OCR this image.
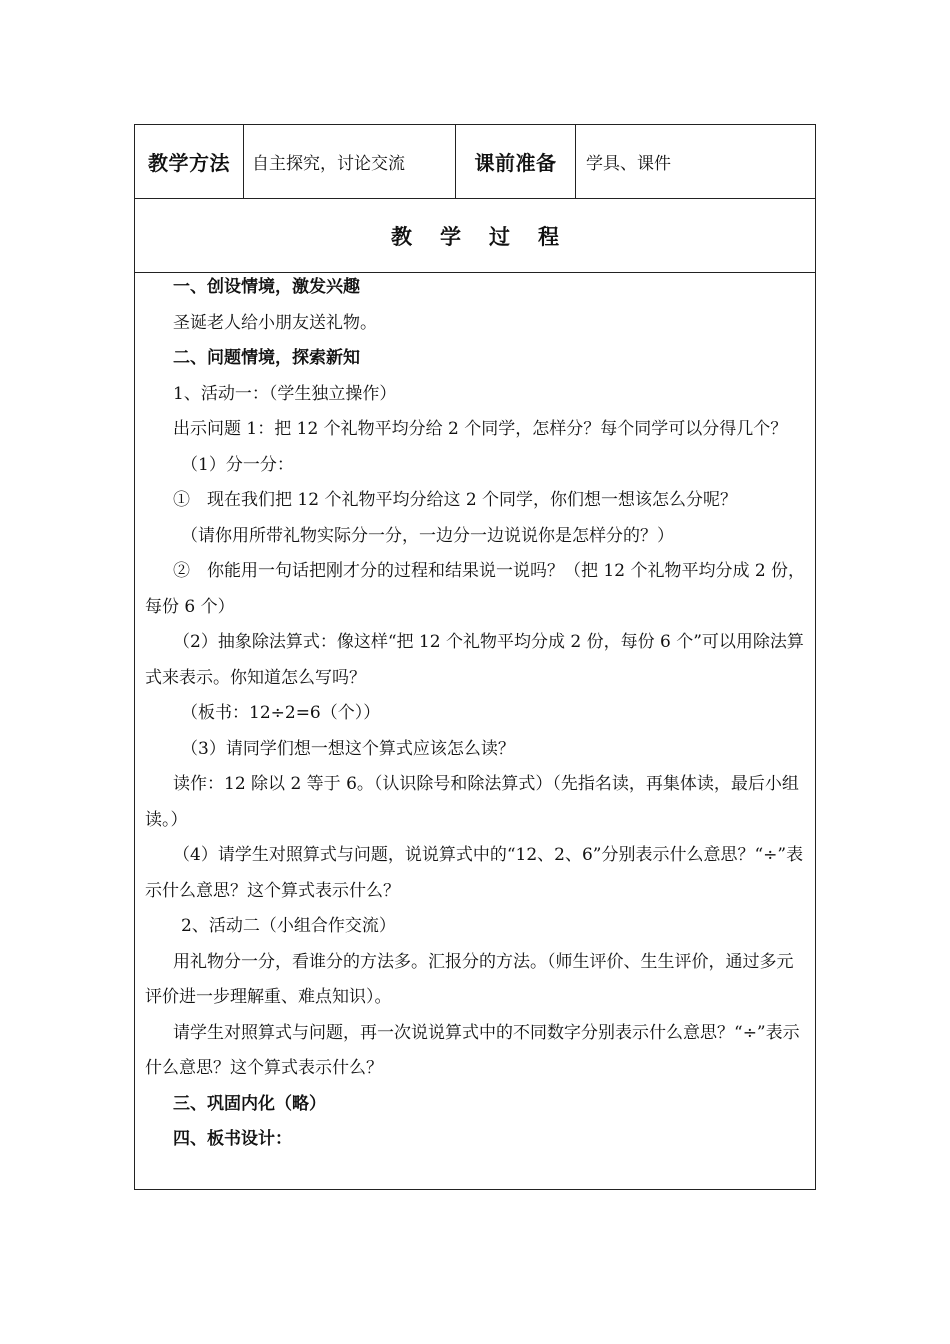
教学方法 自主探究，讨论交流	课前准备 学具、课件
教学过程

一、创设情境，激发兴趣

圣诞老人给小朋友送礼物。

二、问题情境，探索新知

1、活动一：（学生独立操作）

出示问题 1：把 12 个礼物平均分给 2 个同学，怎样分？每个同学可以分得几个？

（1）分一分：

①　现在我们把 12 个礼物平均分给这 2 个同学，你们想一想该怎么分呢？

（请你用所带礼物实际分一分，一边分一边说说你是怎样分的？）

②　你能用一句话把刚才分的过程和结果说一说吗？（把 12 个礼物平均分成 2 份，每份 6 个）

（2）抽象除法算式：像这样“把 12 个礼物平均分成 2 份，每份 6 个”可以用除法算式来表示。你知道怎么写吗？

（板书：12÷2=6（个））

（3）请同学们想一想这个算式应该怎么读？

读作：12 除以 2 等于 6。（认识除号和除法算式）（先指名读，再集体读，最后小组读。）

（4）请学生对照算式与问题，说说算式中的“12、2、6”分别表示什么意思？“÷”表示什么意思？这个算式表示什么？

2、活动二（小组合作交流）

用礼物分一分，看谁分的方法多。汇报分的方法。（师生评价、生生评价，通过多元评价进一步理解重、难点知识）。

请学生对照算式与问题，再一次说说算式中的不同数字分别表示什么意思？“÷”表示什么意思？这个算式表示什么？

三、巩固内化（略）

四、板书设计：
